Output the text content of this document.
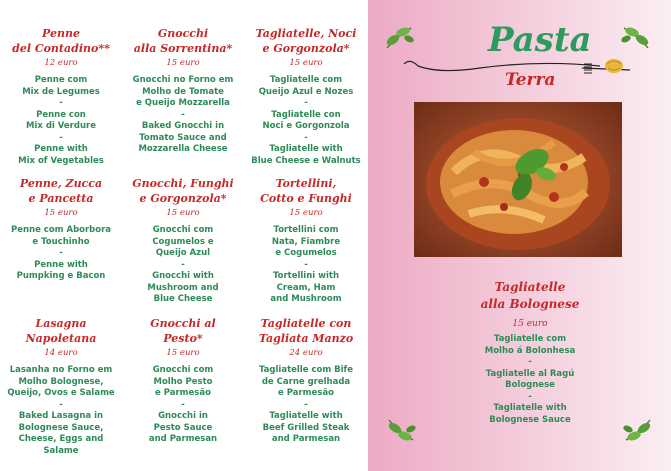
Penne
del Contadino**
12 euro
Penne com
Mix de Legumes
-
Penne con
Mix di Verdure
-
Penne with
Mix of Vegetables
Gnocchi
alla Sorrentina*
15 euro
Gnocchi no Forno em
Molho de Tomate
e Queijo Mozzarella
-
Baked Gnocchi in
Tomato Sauce and
Mozzarella Cheese
Tagliatelle, Noci
e Gorgonzola*
15 euro
Tagliatelle com
Queijo Azul e Nozes
-
Tagliatelle con
Noci e Gorgonzola
-
Tagliatelle with
Blue Cheese e Walnuts
Penne, Zucca
e Pancetta
15 euro
Penne com Aborbora
e Touchinho
-
Penne with
Pumpking e Bacon
Gnocchi, Funghi
e Gorgonzola*
15 euro
Gnocchi com
Cogumelos e
Queijo Azul
-
Gnocchi with
Mushroom and
Blue Cheese
Tortellini,
Cotto e Funghi
15 euro
Tortellini com
Nata, Fiambre
e Cogumelos
-
Tortellini with
Cream, Ham
and Mushroom
Lasagna
Napoletana
14 euro
Lasanha no Forno em
Molho Bolognese,
Queijo, Ovos e Salame
-
Baked Lasagna in
Bolognese Sauce,
Cheese, Eggs and Salame
Gnocchi al
Pesto*
15 euro
Gnocchi com
Molho Pesto
e Parmesão
-
Gnocchi in
Pesto Sauce
and Parmesan
Tagliatelle con
Tagliata Manzo
24 euro
Tagliatelle com Bife
de Carne grelhada
e Parmesão
-
Tagliatelle with
Beef Grilled Steak
and Parmesan
Pasta
Terra
Tagliatelle
alla Bolognese
15 euro
Tagliatelle com
Molho á Bolonhesa
-
Tagliatelle al Ragú
Bolognese
-
Tagliatelle with
Bolognese Sauce
